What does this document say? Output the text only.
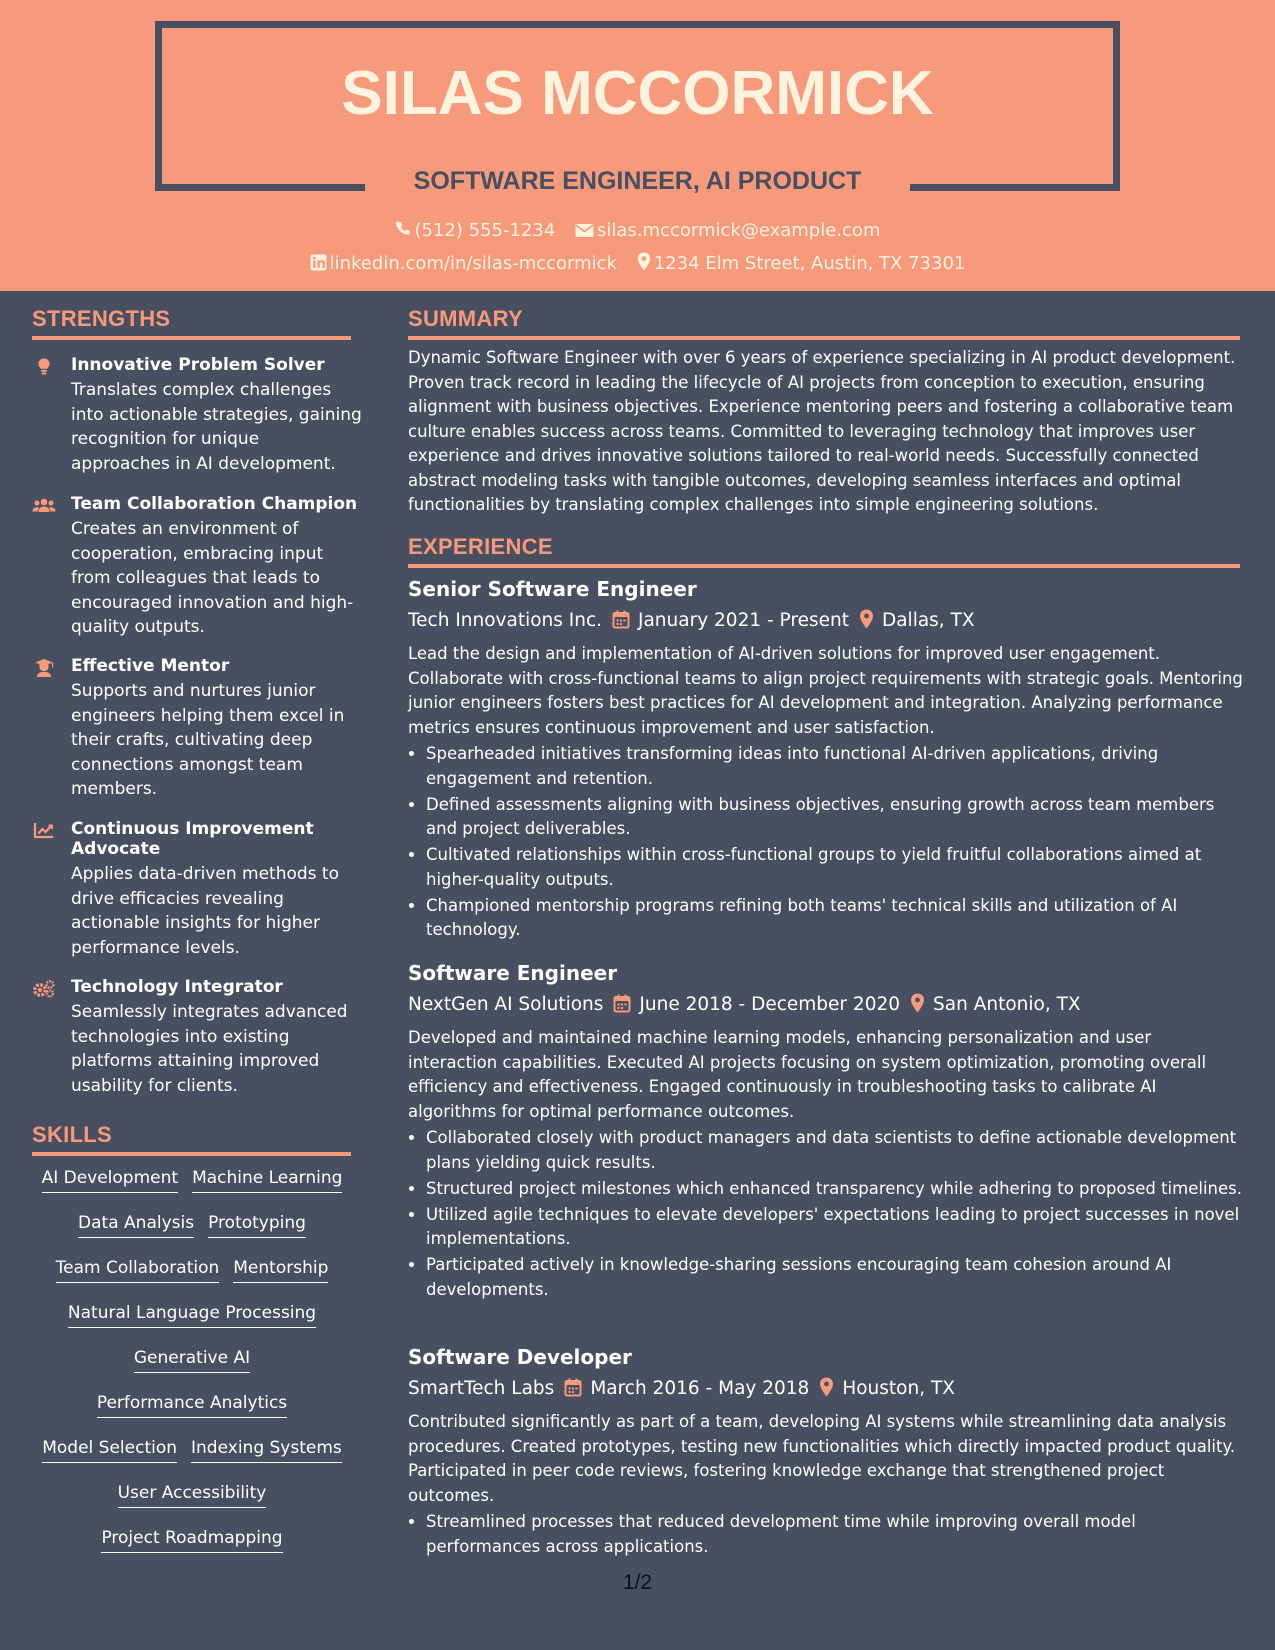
SILAS MCCORMICK
SOFTWARE ENGINEER, AI PRODUCT
(512) 555-1234 silas.mccormick@example.com
linkedin.com/in/silas-mccormick 1234 Elm Street, Austin, TX 73301
STRENGTHS
Innovative Problem Solver
Translates complex challenges into actionable strategies, gaining recognition for unique approaches in AI development.
Team Collaboration Champion
Creates an environment of cooperation, embracing input from colleagues that leads to encouraged innovation and high-quality outputs.
Effective Mentor
Supports and nurtures junior engineers helping them excel in their crafts, cultivating deep connections amongst team members.
Continuous Improvement Advocate
Applies data-driven methods to drive efficacies revealing actionable insights for higher performance levels.
Technology Integrator
Seamlessly integrates advanced technologies into existing platforms attaining improved usability for clients.
SKILLS
AI Development Machine Learning
Data Analysis Prototyping
Team Collaboration Mentorship
Natural Language Processing
Generative AI
Performance Analytics
Model Selection Indexing Systems
User Accessibility
Project Roadmapping
SUMMARY
Dynamic Software Engineer with over 6 years of experience specializing in AI product development. Proven track record in leading the lifecycle of AI projects from conception to execution, ensuring alignment with business objectives. Experience mentoring peers and fostering a collaborative team culture enables success across teams. Committed to leveraging technology that improves user experience and drives innovative solutions tailored to real-world needs. Successfully connected abstract modeling tasks with tangible outcomes, developing seamless interfaces and optimal functionalities by translating complex challenges into simple engineering solutions.
EXPERIENCE
Senior Software Engineer
Tech Innovations Inc. January 2021 - Present Dallas, TX
Lead the design and implementation of AI-driven solutions for improved user engagement. Collaborate with cross-functional teams to align project requirements with strategic goals. Mentoring junior engineers fosters best practices for AI development and integration. Analyzing performance metrics ensures continuous improvement and user satisfaction.
• Spearheaded initiatives transforming ideas into functional AI-driven applications, driving engagement and retention.
• Defined assessments aligning with business objectives, ensuring growth across team members and project deliverables.
• Cultivated relationships within cross-functional groups to yield fruitful collaborations aimed at higher-quality outputs.
• Championed mentorship programs refining both teams' technical skills and utilization of AI technology.
Software Engineer
NextGen AI Solutions June 2018 - December 2020 San Antonio, TX
Developed and maintained machine learning models, enhancing personalization and user interaction capabilities. Executed AI projects focusing on system optimization, promoting overall efficiency and effectiveness. Engaged continuously in troubleshooting tasks to calibrate AI algorithms for optimal performance outcomes.
• Collaborated closely with product managers and data scientists to define actionable development plans yielding quick results.
• Structured project milestones which enhanced transparency while adhering to proposed timelines.
• Utilized agile techniques to elevate developers' expectations leading to project successes in novel implementations.
• Participated actively in knowledge-sharing sessions encouraging team cohesion around AI developments.
Software Developer
SmartTech Labs March 2016 - May 2018 Houston, TX
Contributed significantly as part of a team, developing AI systems while streamlining data analysis procedures. Created prototypes, testing new functionalities which directly impacted product quality. Participated in peer code reviews, fostering knowledge exchange that strengthened project outcomes.
• Streamlined processes that reduced development time while improving overall model performances across applications.
1/2
